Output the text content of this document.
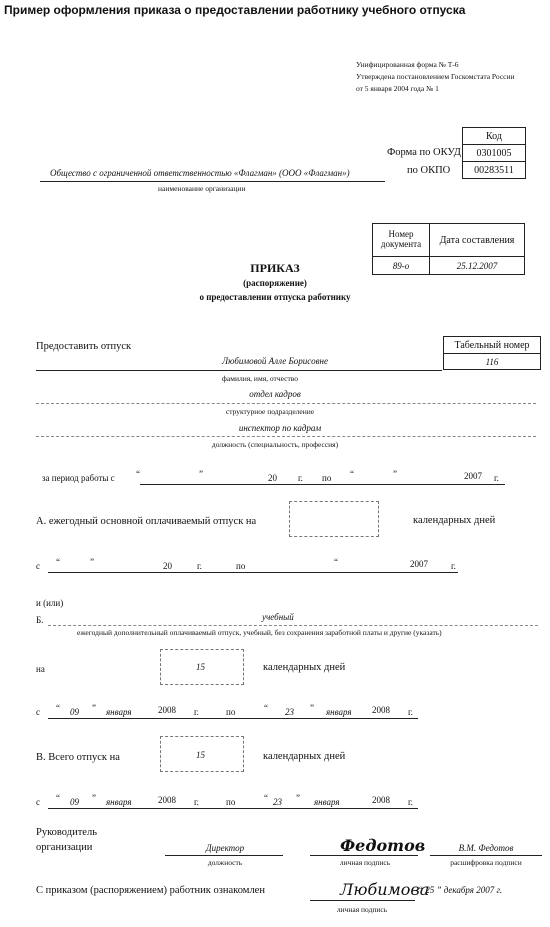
Пример оформления приказа о предоставлении работнику учебного отпуска
Унифицированная форма № Т-6
Утверждена постановлением Госкомстата России
от 5 января 2004 года № 1
Код
0301005
00283511
Форма по ОКУД
по ОКПО
Общество с ограниченной ответственностью «Флагман» (ООО «Флагман»)
наименование организации
Номер документа	Дата составления
89-о	25.12.2007
ПРИКАЗ
(распоряжение)
о предоставлении отпуска работнику
Предоставить отпуск	Табельный номер
116
Любимовой Алле Борисовне
фамилия, имя, отчество
отдел кадров
структурное подразделение
инспектор по кадрам
должность (специальность, профессия)
за период работы с “	”	20 г. по “	”	2007 г.
А. ежегодный основной оплачиваемый отпуск на	календарных дней
с “	”	20	г.	по	“	2007	г.
и (или)
Б.	учебный
ежегодный дополнительный оплачиваемый отпуск, учебный, без сохранения заработной платы и другие (указать)
на	15	календарных дней
с “ 09 ” января	2008 г.	по	“ 23 ” января 2008 г.
В. Всего отпуск на	15	календарных дней
с “ 09 ” января	2008 г.	по	“ 23 ” января	2008 г.
Руководитель
организации	Директор
должность
Федотов
личная подпись
В.М. Федотов
расшифровка подписи
С приказом (распоряжением) работник ознакомлен	Любимова
личная подпись
“ 25 ” декабря 2007 г.
